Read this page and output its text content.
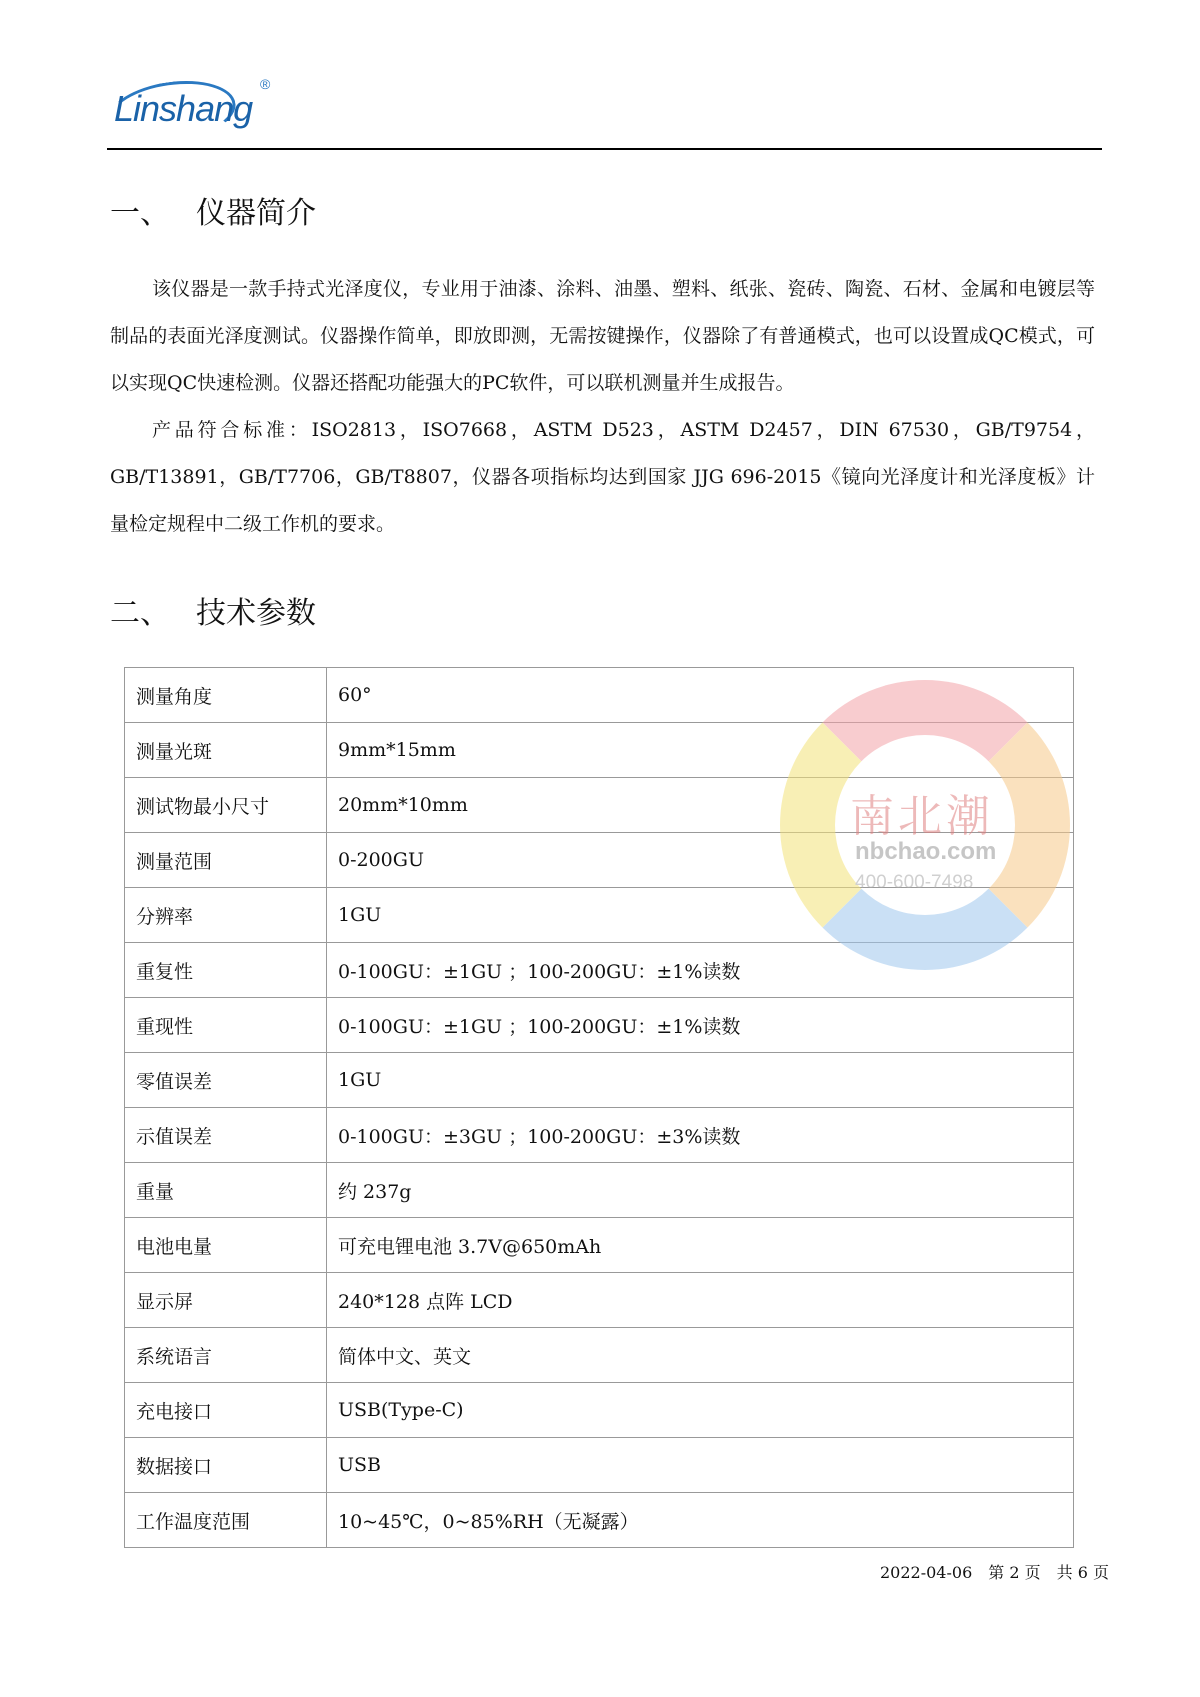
Linshang
®
一、 仪器简介

该仪器是一款手持式光泽度仪，专业用于油漆、涂料、油墨、塑料、纸张、瓷砖、陶瓷、石材、金属和电镀层等制品的表面光泽度测试。仪器操作简单，即放即测，无需按键操作，仪器除了有普通模式，也可以设置成QC模式，可以实现QC快速检测。仪器还搭配功能强大的PC软件，可以联机测量并生成报告。

产品符合标准：ISO2813，ISO7668，ASTM D523，ASTM D2457，DIN 67530，GB/T9754，GB/T13891，GB/T7706，GB/T8807，仪器各项指标均达到国家 JJG 696-2015《镜向光泽度计和光泽度板》计量检定规程中二级工作机的要求。

二、 技术参数
测量角度	60°
测量光斑	9mm*15mm
测试物最小尺寸	20mm*10mm
测量范围	0-200GU
分辨率	1GU
重复性	0-100GU：±1GU ；100-200GU：±1%读数
重现性	0-100GU：±1GU ；100-200GU：±1%读数
零值误差	1GU
示值误差	0-100GU：±3GU ；100-200GU：±3%读数
重量	约 237g
电池电量	可充电锂电池 3.7V@650mAh
显示屏	240*128 点阵 LCD
系统语言	简体中文、英文
充电接口	USB(Type-C)
数据接口	USB
工作温度范围	10~45℃，0~85%RH（无凝露）
南北潮
nbchao.com
400-600-7498
2022-04-06　第 2 页　共 6 页
